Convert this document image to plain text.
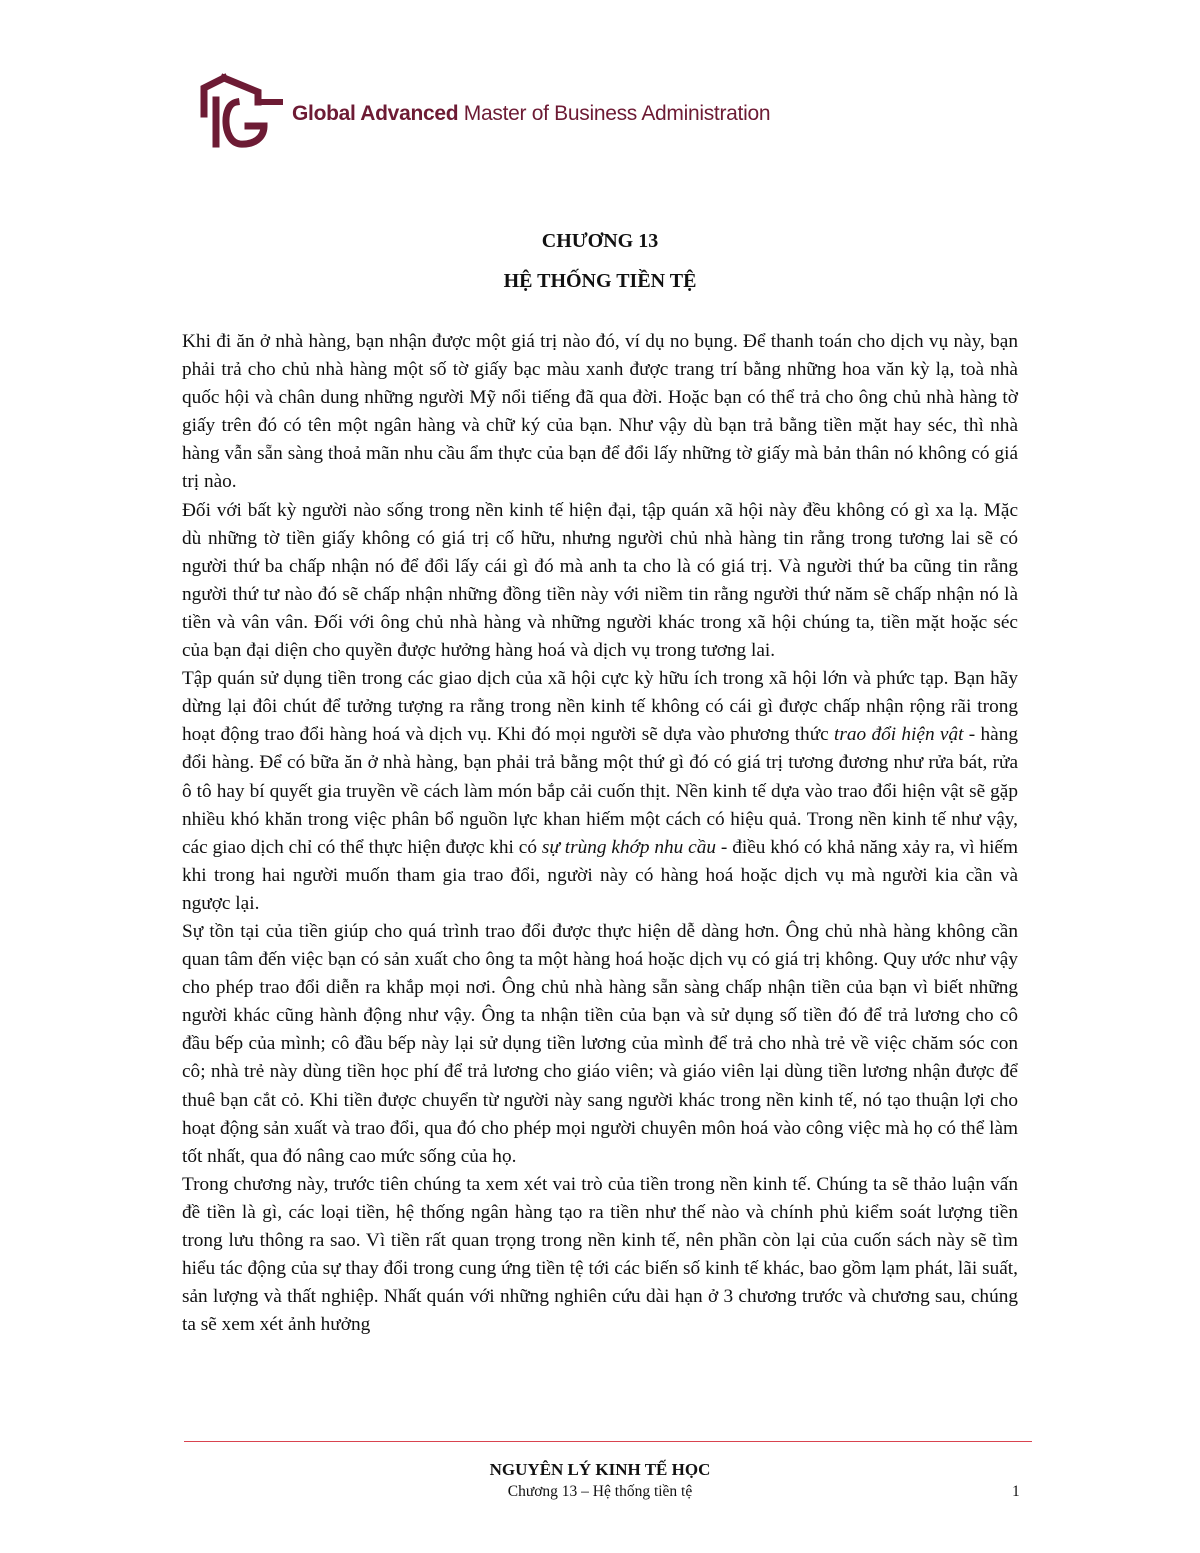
Global Advanced Master of Business Administration
CHƯƠNG 13
HỆ THỐNG TIỀN TỆ

Khi đi ăn ở nhà hàng, bạn nhận được một giá trị nào đó, ví dụ no bụng. Để thanh toán cho dịch vụ này, bạn phải trả cho chủ nhà hàng một số tờ giấy bạc màu xanh được trang trí bằng những hoa văn kỳ lạ, toà nhà quốc hội và chân dung những người Mỹ nổi tiếng đã qua đời. Hoặc bạn có thể trả cho ông chủ nhà hàng tờ giấy trên đó có tên một ngân hàng và chữ ký của bạn. Như vậy dù bạn trả bằng tiền mặt hay séc, thì nhà hàng vẫn sẵn sàng thoả mãn nhu cầu ẩm thực của bạn để đổi lấy những tờ giấy mà bản thân nó không có giá trị nào.

Đối với bất kỳ người nào sống trong nền kinh tế hiện đại, tập quán xã hội này đều không có gì xa lạ. Mặc dù những tờ tiền giấy không có giá trị cố hữu, nhưng người chủ nhà hàng tin rằng trong tương lai sẽ có người thứ ba chấp nhận nó để đổi lấy cái gì đó mà anh ta cho là có giá trị. Và người thứ ba cũng tin rằng người thứ tư nào đó sẽ chấp nhận những đồng tiền này với niềm tin rằng người thứ năm sẽ chấp nhận nó là tiền và vân vân. Đối với ông chủ nhà hàng và những người khác trong xã hội chúng ta, tiền mặt hoặc séc của bạn đại diện cho quyền được hưởng hàng hoá và dịch vụ trong tương lai.

Tập quán sử dụng tiền trong các giao dịch của xã hội cực kỳ hữu ích trong xã hội lớn và phức tạp. Bạn hãy dừng lại đôi chút để tưởng tượng ra rằng trong nền kinh tế không có cái gì được chấp nhận rộng rãi trong hoạt động trao đổi hàng hoá và dịch vụ. Khi đó mọi người sẽ dựa vào phương thức trao đổi hiện vật - hàng đổi hàng. Để có bữa ăn ở nhà hàng, bạn phải trả bằng một thứ gì đó có giá trị tương đương như rửa bát, rửa ô tô hay bí quyết gia truyền về cách làm món bắp cải cuốn thịt. Nền kinh tế dựa vào trao đổi hiện vật sẽ gặp nhiều khó khăn trong việc phân bổ nguồn lực khan hiếm một cách có hiệu quả. Trong nền kinh tế như vậy, các giao dịch chỉ có thể thực hiện được khi có sự trùng khớp nhu cầu - điều khó có khả năng xảy ra, vì hiếm khi trong hai người muốn tham gia trao đổi, người này có hàng hoá hoặc dịch vụ mà người kia cần và ngược lại.

Sự tồn tại của tiền giúp cho quá trình trao đổi được thực hiện dễ dàng hơn. Ông chủ nhà hàng không cần quan tâm đến việc bạn có sản xuất cho ông ta một hàng hoá hoặc dịch vụ có giá trị không. Quy ước như vậy cho phép trao đổi diễn ra khắp mọi nơi. Ông chủ nhà hàng sẵn sàng chấp nhận tiền của bạn vì biết những người khác cũng hành động như vậy. Ông ta nhận tiền của bạn và sử dụng số tiền đó để trả lương cho cô đầu bếp của mình; cô đầu bếp này lại sử dụng tiền lương của mình để trả cho nhà trẻ về việc chăm sóc con cô; nhà trẻ này dùng tiền học phí để trả lương cho giáo viên; và giáo viên lại dùng tiền lương nhận được để thuê bạn cắt cỏ. Khi tiền được chuyển từ người này sang người khác trong nền kinh tế, nó tạo thuận lợi cho hoạt động sản xuất và trao đổi, qua đó cho phép mọi người chuyên môn hoá vào công việc mà họ có thể làm tốt nhất, qua đó nâng cao mức sống của họ.

Trong chương này, trước tiên chúng ta xem xét vai trò của tiền trong nền kinh tế. Chúng ta sẽ thảo luận vấn đề tiền là gì, các loại tiền, hệ thống ngân hàng tạo ra tiền như thế nào và chính phủ kiểm soát lượng tiền trong lưu thông ra sao. Vì tiền rất quan trọng trong nền kinh tế, nên phần còn lại của cuốn sách này sẽ tìm hiểu tác động của sự thay đổi trong cung ứng tiền tệ tới các biến số kinh tế khác, bao gồm lạm phát, lãi suất, sản lượng và thất nghiệp. Nhất quán với những nghiên cứu dài hạn ở 3 chương trước và chương sau, chúng ta sẽ xem xét ảnh hưởng

NGUYÊN LÝ KINH TẾ HỌC
Chương 13 – Hệ thống tiền tệ	1
